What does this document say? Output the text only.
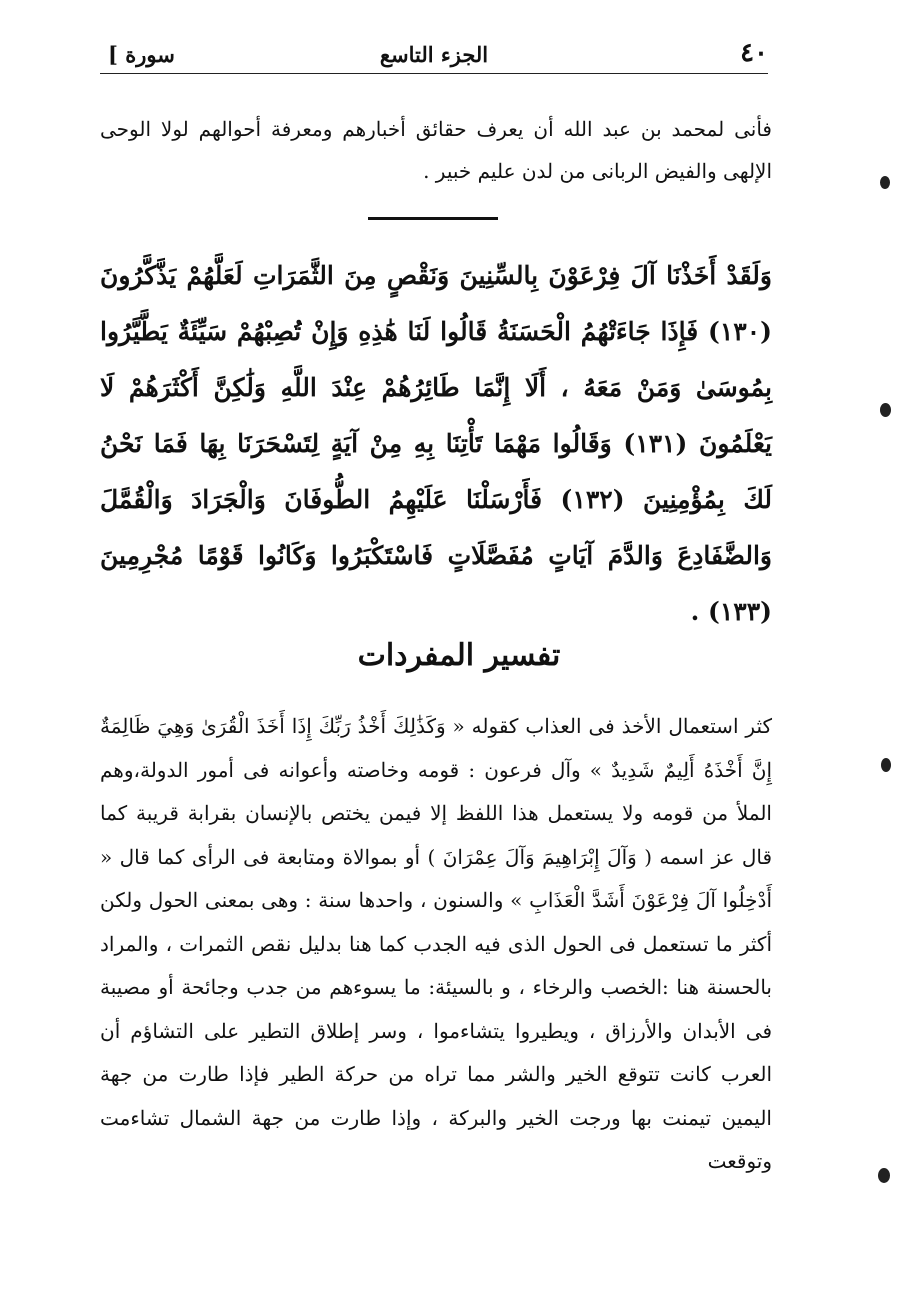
٤٠
الجزء التاسع
[ سورة

فأنى لمحمد بن عبد الله أن يعرف حقائق أخبارهم ومعرفة أحوالهم لولا الوحى الإلهى والفيض الربانى من لدن عليم خبير .

وَلَقَدْ أَخَذْنَا آلَ فِرْعَوْنَ بِالسِّنِينَ وَنَقْصٍ مِنَ الثَّمَرَاتِ لَعَلَّهُمْ يَذَّكَّرُونَ (١٣٠) فَإِذَا جَاءَتْهُمُ الْحَسَنَةُ قَالُوا لَنَا هَٰذِهِ وَإِنْ تُصِبْهُمْ سَيِّئَةٌ يَطَّيَّرُوا بِمُوسَىٰ وَمَنْ مَعَهُ ، أَلَا إِنَّمَا طَائِرُهُمْ عِنْدَ اللَّهِ وَلَٰكِنَّ أَكْثَرَهُمْ لَا يَعْلَمُونَ (١٣١) وَقَالُوا مَهْمَا تَأْتِنَا بِهِ مِنْ آيَةٍ لِتَسْحَرَنَا بِهَا فَمَا نَحْنُ لَكَ بِمُؤْمِنِينَ (١٣٢) فَأَرْسَلْنَا عَلَيْهِمُ الطُّوفَانَ وَالْجَرَادَ وَالْقُمَّلَ وَالضَّفَادِعَ وَالدَّمَ آيَاتٍ مُفَصَّلَاتٍ فَاسْتَكْبَرُوا وَكَانُوا قَوْمًا مُجْرِمِينَ (١٣٣) .

تفسير المفردات

كثر استعمال الأخذ فى العذاب كقوله « وَكَذَٰلِكَ أَخْذُ رَبِّكَ إِذَا أَخَذَ الْقُرَىٰ وَهِيَ ظَالِمَةٌ إِنَّ أَخْذَهُ أَلِيمٌ شَدِيدٌ » وآل فرعون : قومه وخاصته وأعوانه فى أمور الدولة،وهم الملأ من قومه ولا يستعمل هذا اللفظ إلا فيمن يختص بالإنسان بقرابة قريبة كما قال عز اسمه ( وَآلَ إِبْرَاهِيمَ وَآلَ عِمْرَانَ ) أو بموالاة ومتابعة فى الرأى كما قال « أَدْخِلُوا آلَ فِرْعَوْنَ أَشَدَّ الْعَذَابِ » والسنون ، واحدها سنة : وهى بمعنى الحول ولكن أكثر ما تستعمل فى الحول الذى فيه الجدب كما هنا بدليل نقص الثمرات ، والمراد بالحسنة هنا :الخصب والرخاء ، و بالسيئة: ما يسوءهم من جدب وجائحة أو مصيبة فى الأبدان والأرزاق ، ويطيروا يتشاءموا ، وسر إطلاق التطير على التشاؤم أن العرب كانت تتوقع الخير والشر مما تراه من حركة الطير فإذا طارت من جهة اليمين تيمنت بها ورجت الخير والبركة ، وإذا طارت من جهة الشمال تشاءمت وتوقعت
